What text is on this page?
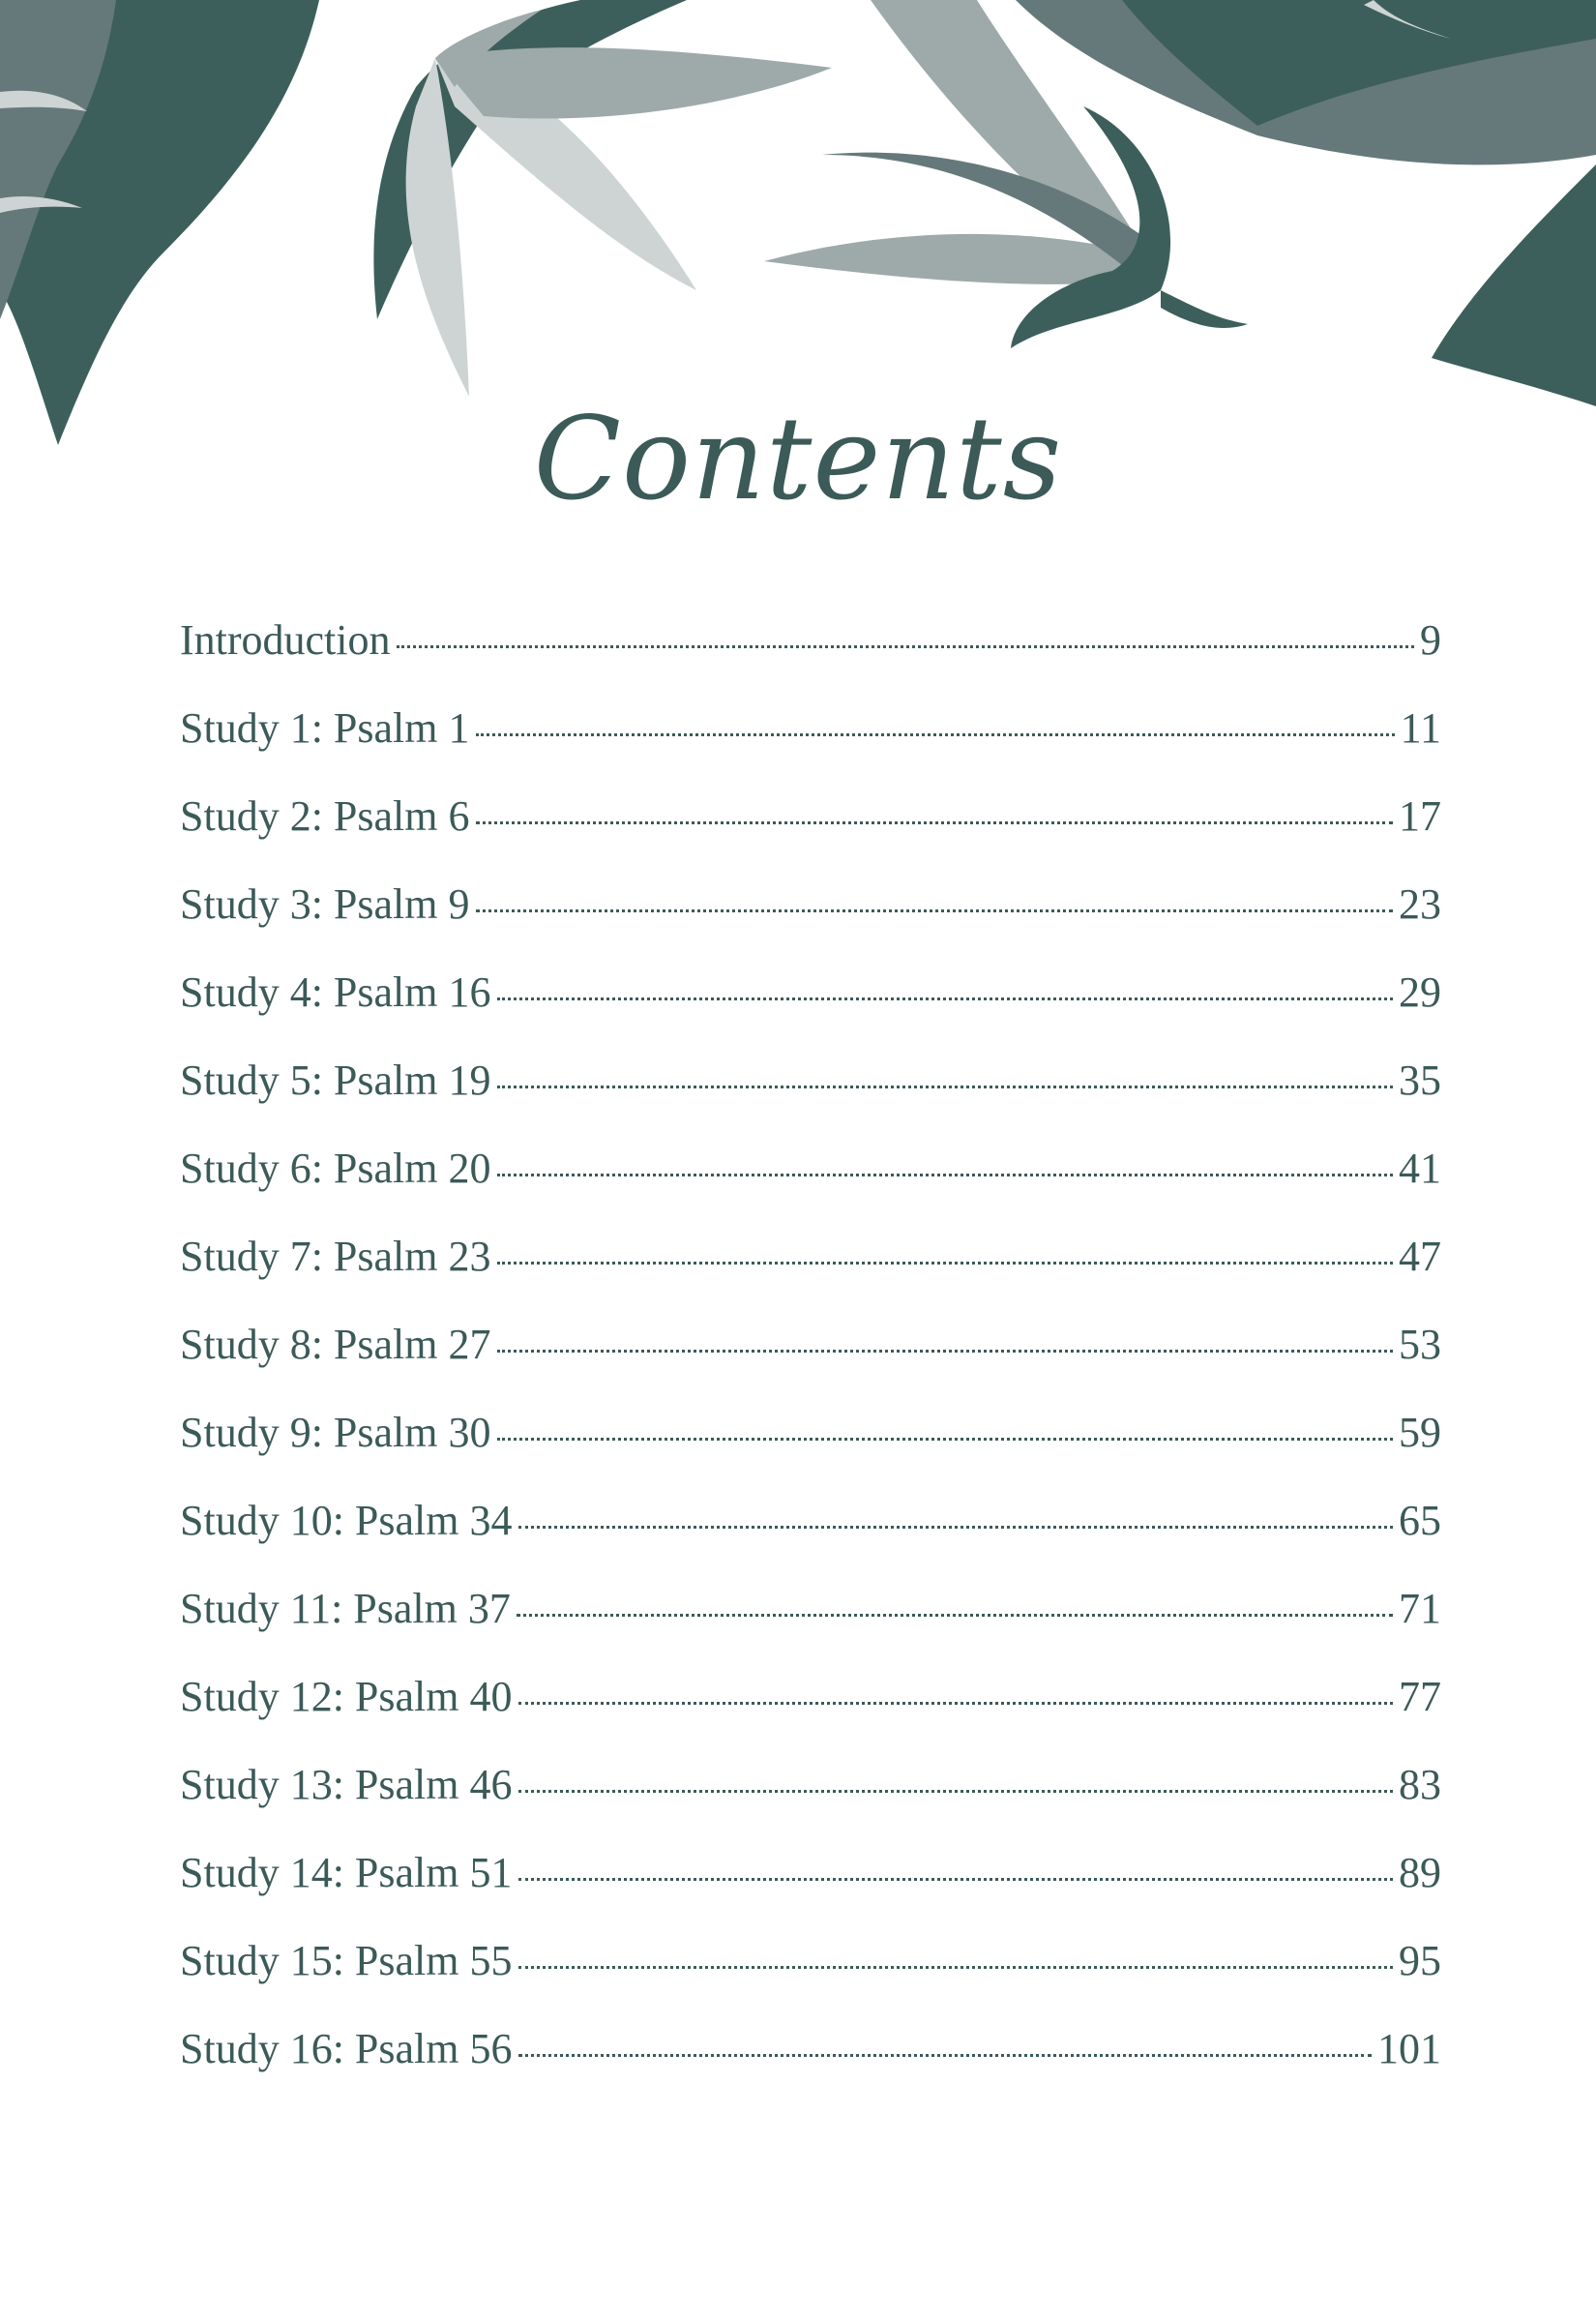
Contents
Introduction	9
Study 1: Psalm 1	11
Study 2: Psalm 6	17
Study 3: Psalm 9	23
Study 4: Psalm 16	29
Study 5: Psalm 19	35
Study 6: Psalm 20	41
Study 7: Psalm 23	47
Study 8: Psalm 27	53
Study 9: Psalm 30	59
Study 10: Psalm 34	65
Study 11: Psalm 37	71
Study 12: Psalm 40	77
Study 13: Psalm 46	83
Study 14: Psalm 51	89
Study 15: Psalm 55	95
Study 16: Psalm 56	101
